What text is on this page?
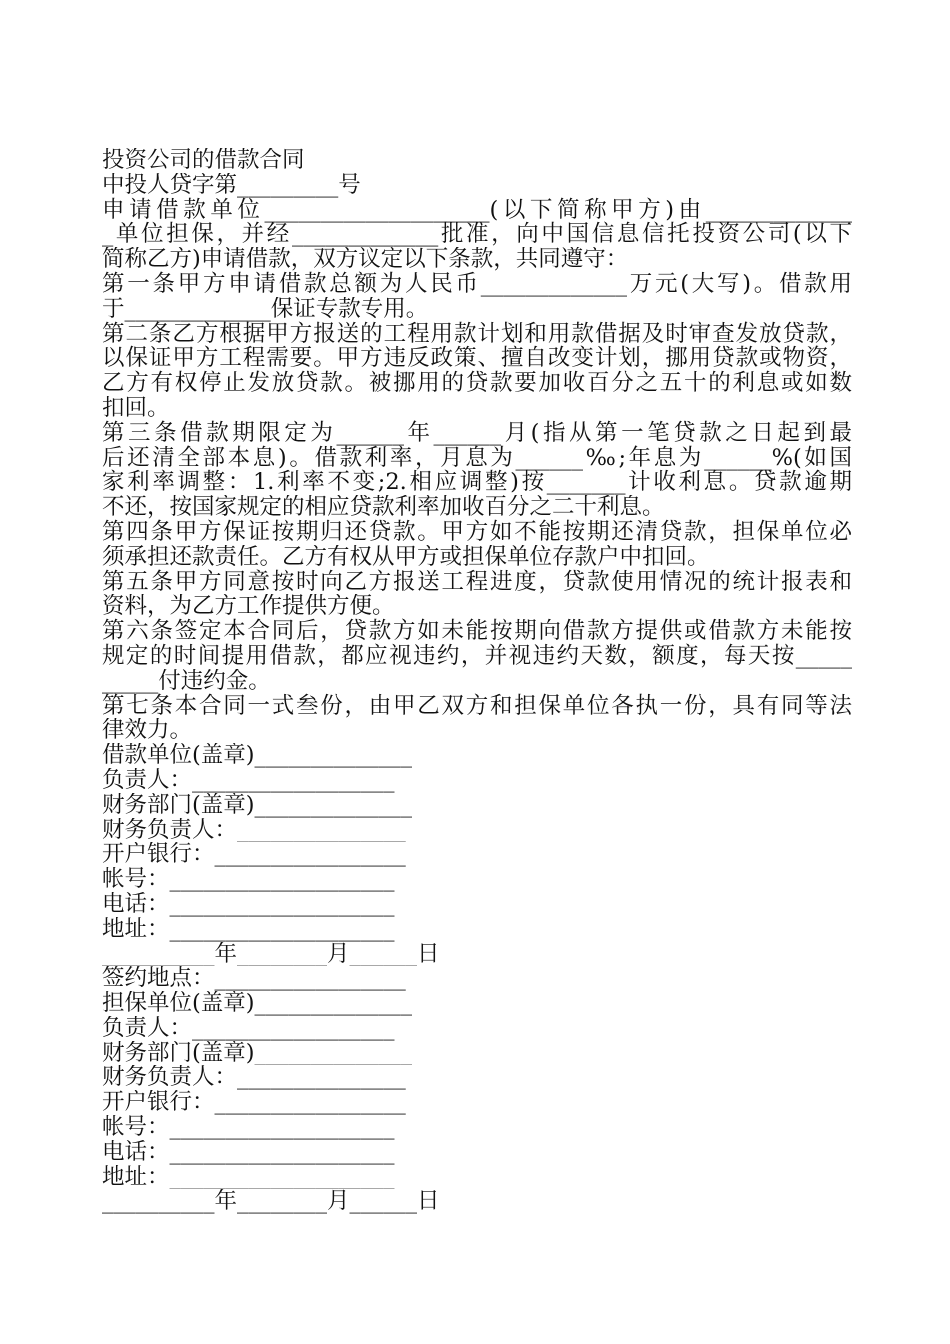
投资公司的借款合同
中投人贷字第_________号
申请借款单位____________________(以下简称甲方)由_____________
_单位担保，并经_____________批准，向中国信息信托投资公司(以下
简称乙方)申请借款，双方议定以下条款，共同遵守：
第一条甲方申请借款总额为人民币_____________万元(大写)。借款用
于_____________保证专款专用。
第二条乙方根据甲方报送的工程用款计划和用款借据及时审查发放贷款，
以保证甲方工程需要。甲方违反政策、擅自改变计划，挪用贷款或物资，
乙方有权停止发放贷款。被挪用的贷款要加收百分之五十的利息或如数
扣回。
第三条借款期限定为______年______月(指从第一笔贷款之日起到最
后还清全部本息)。借款利率，月息为______‰;年息为______%(如国
家利率调整：1.利率不变;2.相应调整)按_______计收利息。贷款逾期
不还，按国家规定的相应贷款利率加收百分之二十利息。
第四条甲方保证按期归还贷款。甲方如不能按期还清贷款，担保单位必
须承担还款责任。乙方有权从甲方或担保单位存款户中扣回。
第五条甲方同意按时向乙方报送工程进度，贷款使用情况的统计报表和
资料，为乙方工作提供方便。
第六条签定本合同后，贷款方如未能按期向借款方提供或借款方未能按
规定的时间提用借款，都应视违约，并视违约天数，额度，每天按_____
_____付违约金。
第七条本合同一式叁份，由甲乙双方和担保单位各执一份，具有同等法
律效力。
借款单位(盖章)______________
负责人：__________________
财务部门(盖章)______________
财务负责人：_______________
开户银行：_________________
帐号：____________________
电话：____________________
地址：____________________
__________年________月______日
签约地点：_________________
担保单位(盖章)______________
负责人：__________________
财务部门(盖章)______________
财务负责人：_______________
开户银行：_________________
帐号：____________________
电话：____________________
地址：____________________
__________年________月______日
